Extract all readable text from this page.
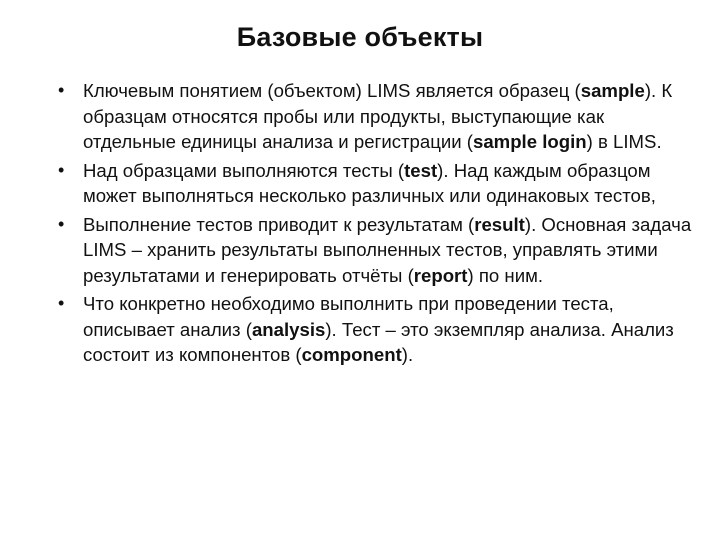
Базовые объекты
• Ключевым понятием (объектом) LIMS является образец (sample). К образцам относятся пробы или продукты, выступающие как отдельные единицы анализа и регистрации (sample login) в LIMS.
• Над образцами выполняются тесты (test). Над каждым образцом может выполняться несколько различных или одинаковых тестов,
• Выполнение тестов приводит к результатам (result). Основная задача LIMS – хранить результаты выполненных тестов, управлять этими результатами и генерировать отчёты (report) по ним.
• Что конкретно необходимо выполнить при проведении теста, описывает анализ (analysis). Тест – это экземпляр анализа. Анализ состоит из компонентов (component).
